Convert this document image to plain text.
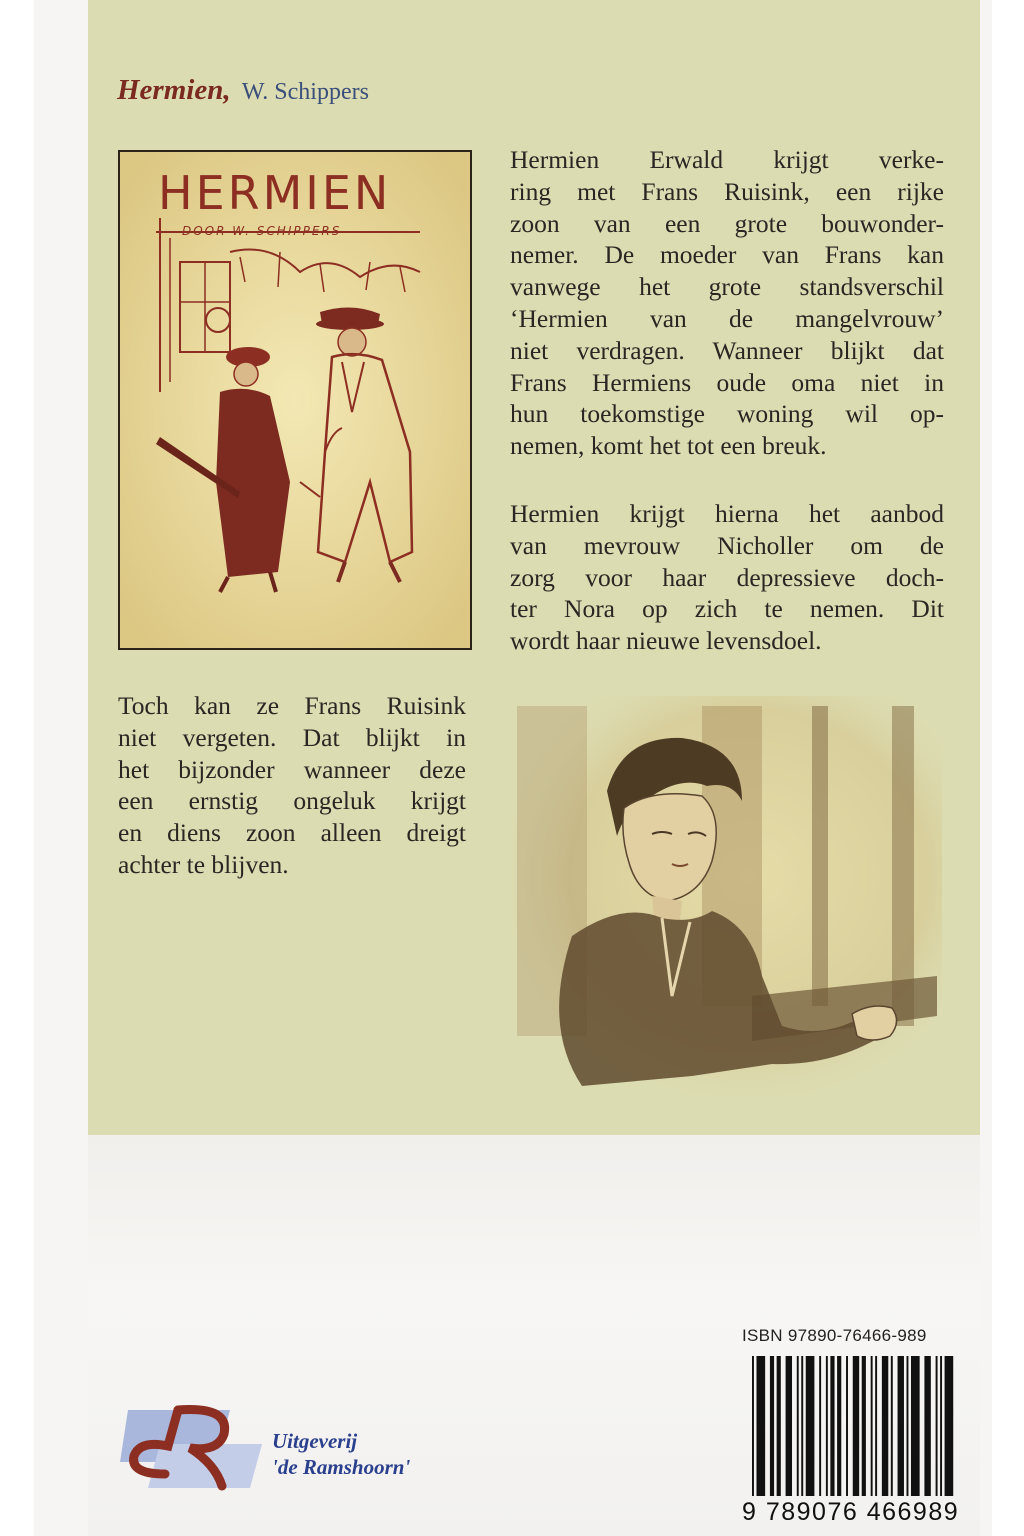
Hermien, W. Schippers
HERMIEN
DOOR W. SCHIPPERS
Hermien Erwald krijgt verke-
ring met Frans Ruisink, een rijke
zoon van een grote bouwonder-
nemer. De moeder van Frans kan
vanwege het grote standsverschil
‘Hermien van de mangelvrouw’
niet verdragen. Wanneer blijkt dat
Frans Hermiens oude oma niet in
hun toekomstige woning wil op-
nemen, komt het tot een breuk.
Hermien krijgt hierna het aanbod
van mevrouw Nicholler om de
zorg voor haar depressieve doch-
ter Nora op zich te nemen. Dit
wordt haar nieuwe levensdoel.
Toch kan ze Frans Ruisink
niet vergeten. Dat blijkt in
het bijzonder wanneer deze
een ernstig ongeluk krijgt
en diens zoon alleen dreigt
achter te blijven.
ISBN 97890-76466-989
9 789076 466989
Uitgeverij
'de Ramshoorn'
